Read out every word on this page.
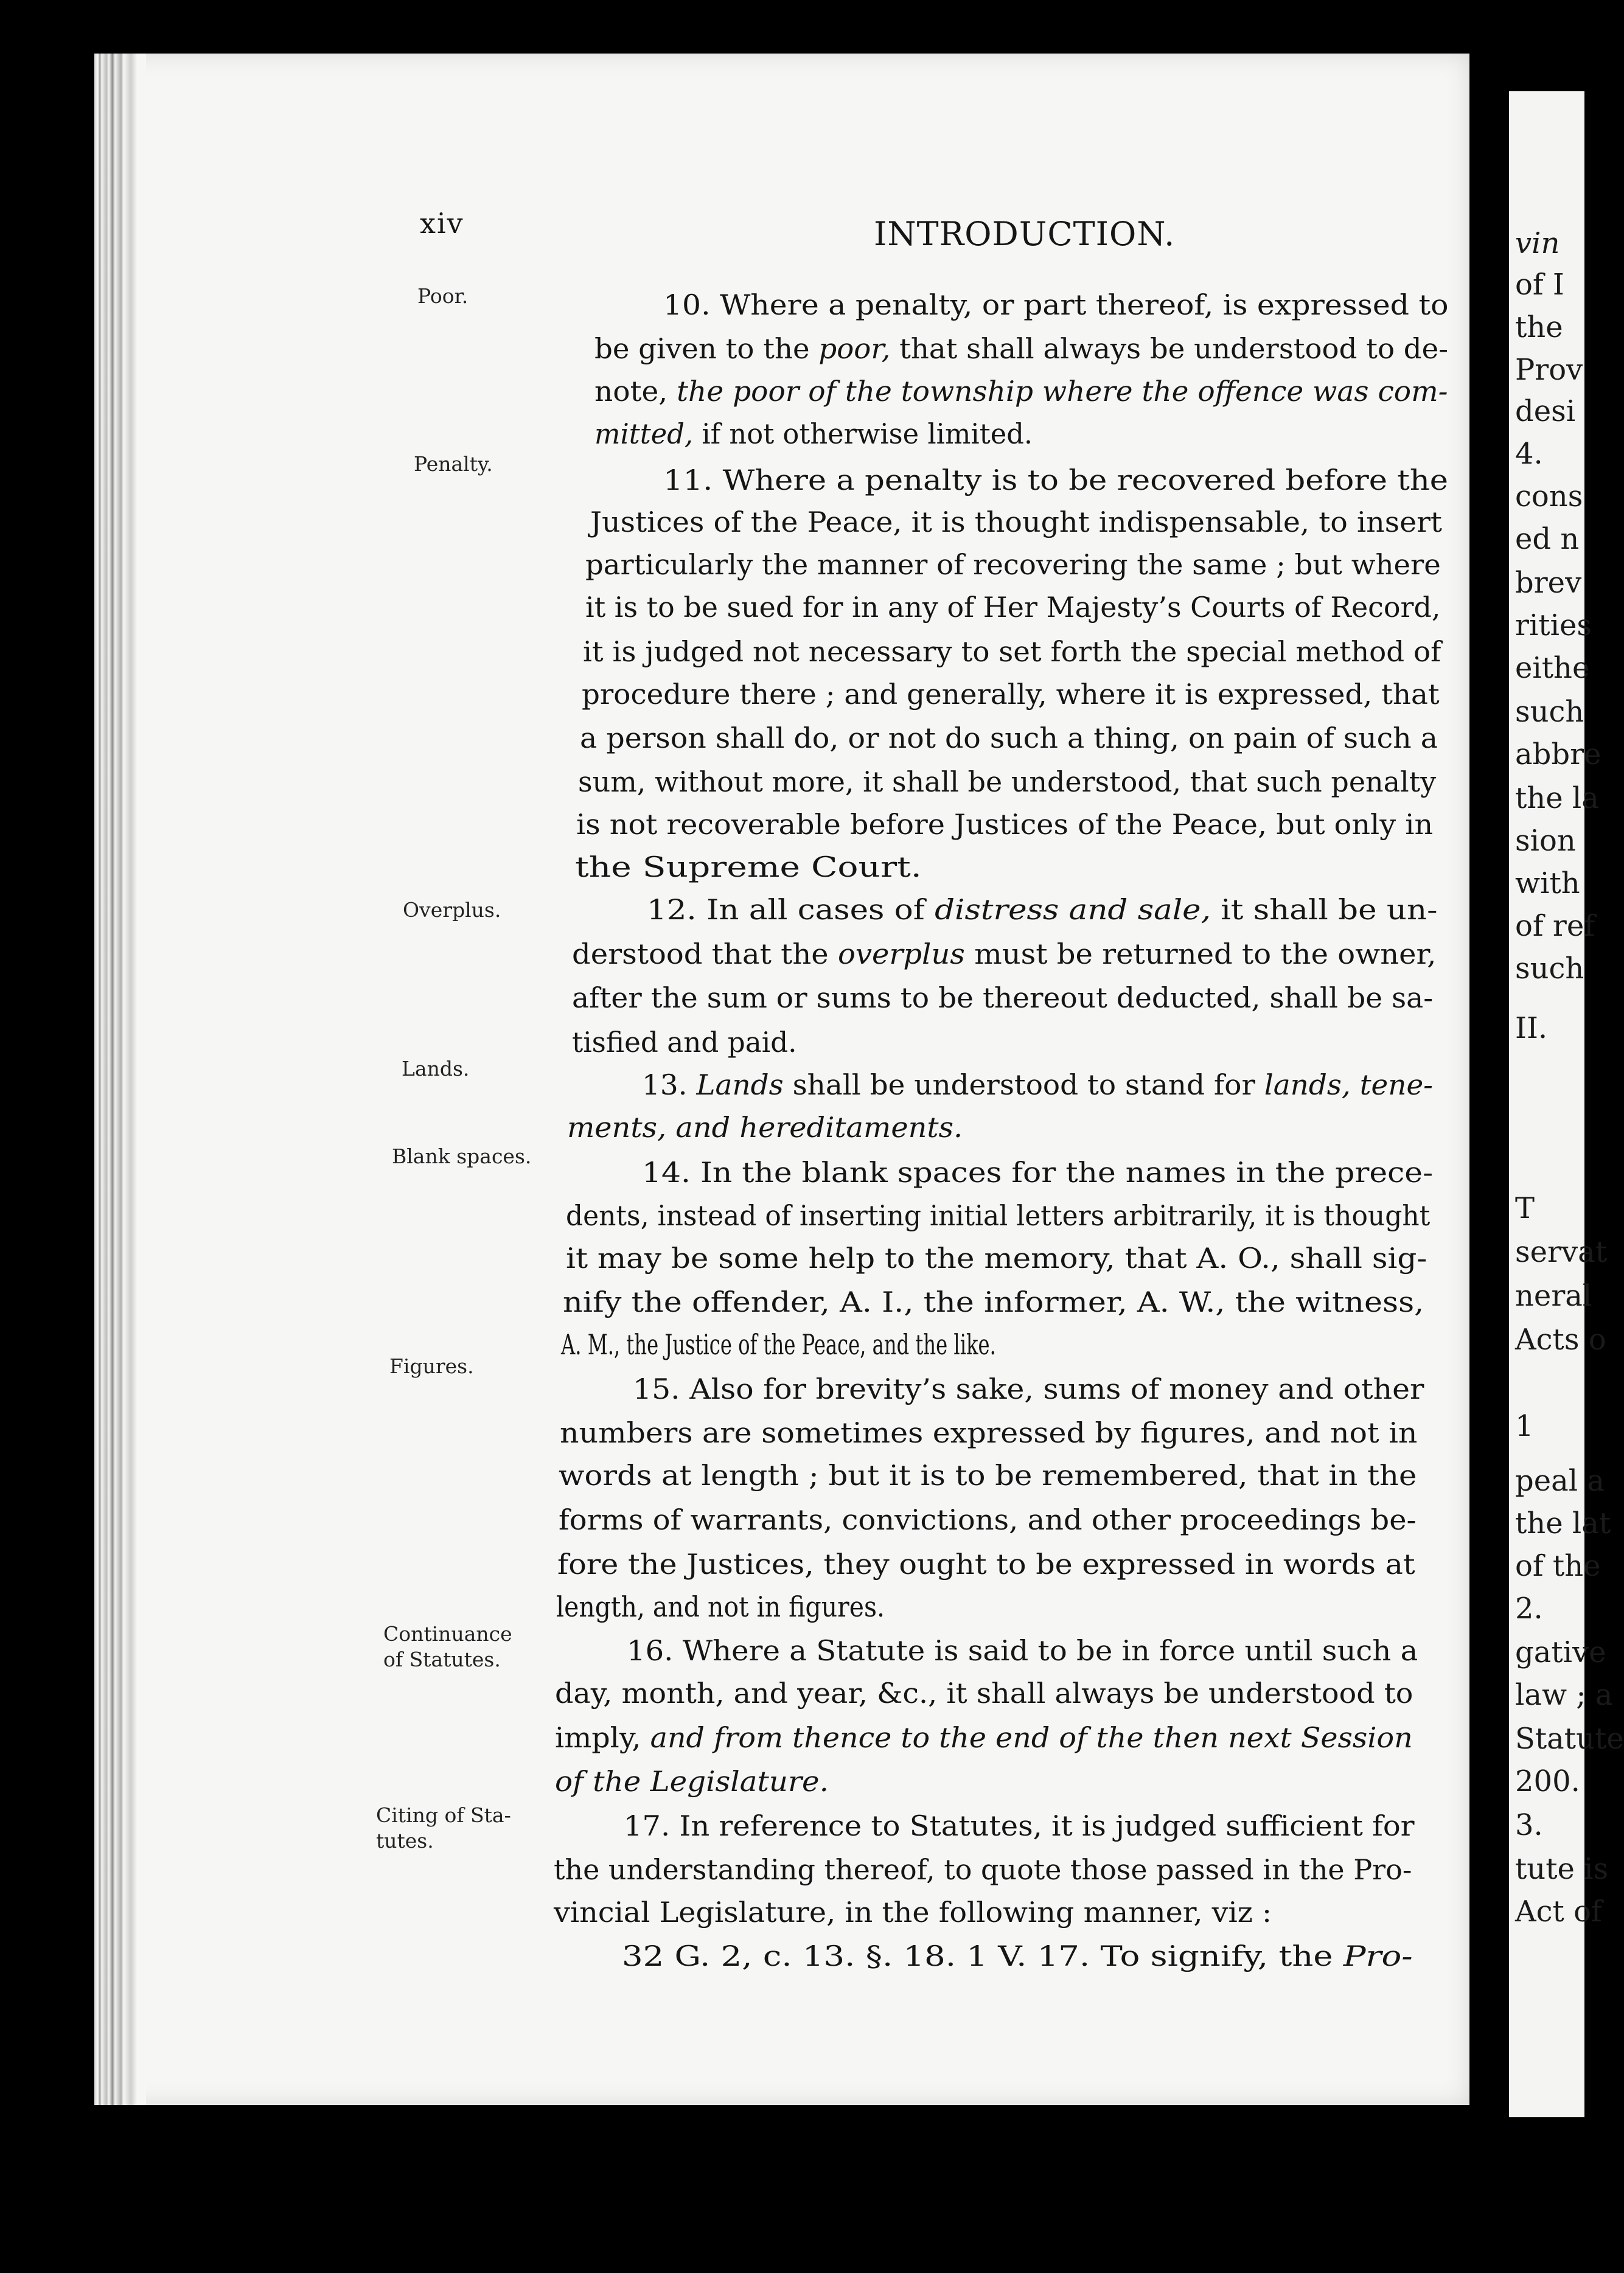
vin
of I
the
Prov
desi
4.
cons
ed n
brev
rities
eithe
such
abbre
the la
sion
with
of ref
such
II.
T
servat
neral
Acts o
1
peal a
the lat
of the
2.
gative
law ; a
Statute
200.
3.
tute is
Act of
xiv	INTRODUCTION.
Poor.
Penalty.
Overplus.
Lands.
Blank spaces.
Figures.
Continuance
of Statutes.
Citing of Sta-
tutes.
10. Where a penalty, or part thereof, is expressed to
be given to the poor, that shall always be understood to de-
note, the poor of the township where the offence was com-
mitted, if not otherwise limited.
11. Where a penalty is to be recovered before the
Justices of the Peace, it is thought indispensable, to insert
particularly the manner of recovering the same ; but where
it is to be sued for in any of Her Majesty’s Courts of Record,
it is judged not necessary to set forth the special method of
procedure there ; and generally, where it is expressed, that
a person shall do, or not do such a thing, on pain of such a
sum, without more, it shall be understood, that such penalty
is not recoverable before Justices of the Peace, but only in
the Supreme Court.
12. In all cases of distress and sale, it shall be un-
derstood that the overplus must be returned to the owner,
after the sum or sums to be thereout deducted, shall be sa-
tisfied and paid.
13. Lands shall be understood to stand for lands, tene-
ments, and hereditaments.
14. In the blank spaces for the names in the prece-
dents, instead of inserting initial letters arbitrarily, it is thought
it may be some help to the memory, that A. O., shall sig-
nify the offender, A. I., the informer, A. W., the witness,
A. M., the Justice of the Peace, and the like.
15. Also for brevity’s sake, sums of money and other
numbers are sometimes expressed by figures, and not in
words at length ; but it is to be remembered, that in the
forms of warrants, convictions, and other proceedings be-
fore the Justices, they ought to be expressed in words at
length, and not in figures.
16. Where a Statute is said to be in force until such a
day, month, and year, &c., it shall always be understood to
imply, and from thence to the end of the then next Session
of the Legislature.
17. In reference to Statutes, it is judged sufficient for
the understanding thereof, to quote those passed in the Pro-
vincial Legislature, in the following manner, viz :
32 G. 2, c. 13. §. 18. 1 V. 17. To signify, the Pro-
